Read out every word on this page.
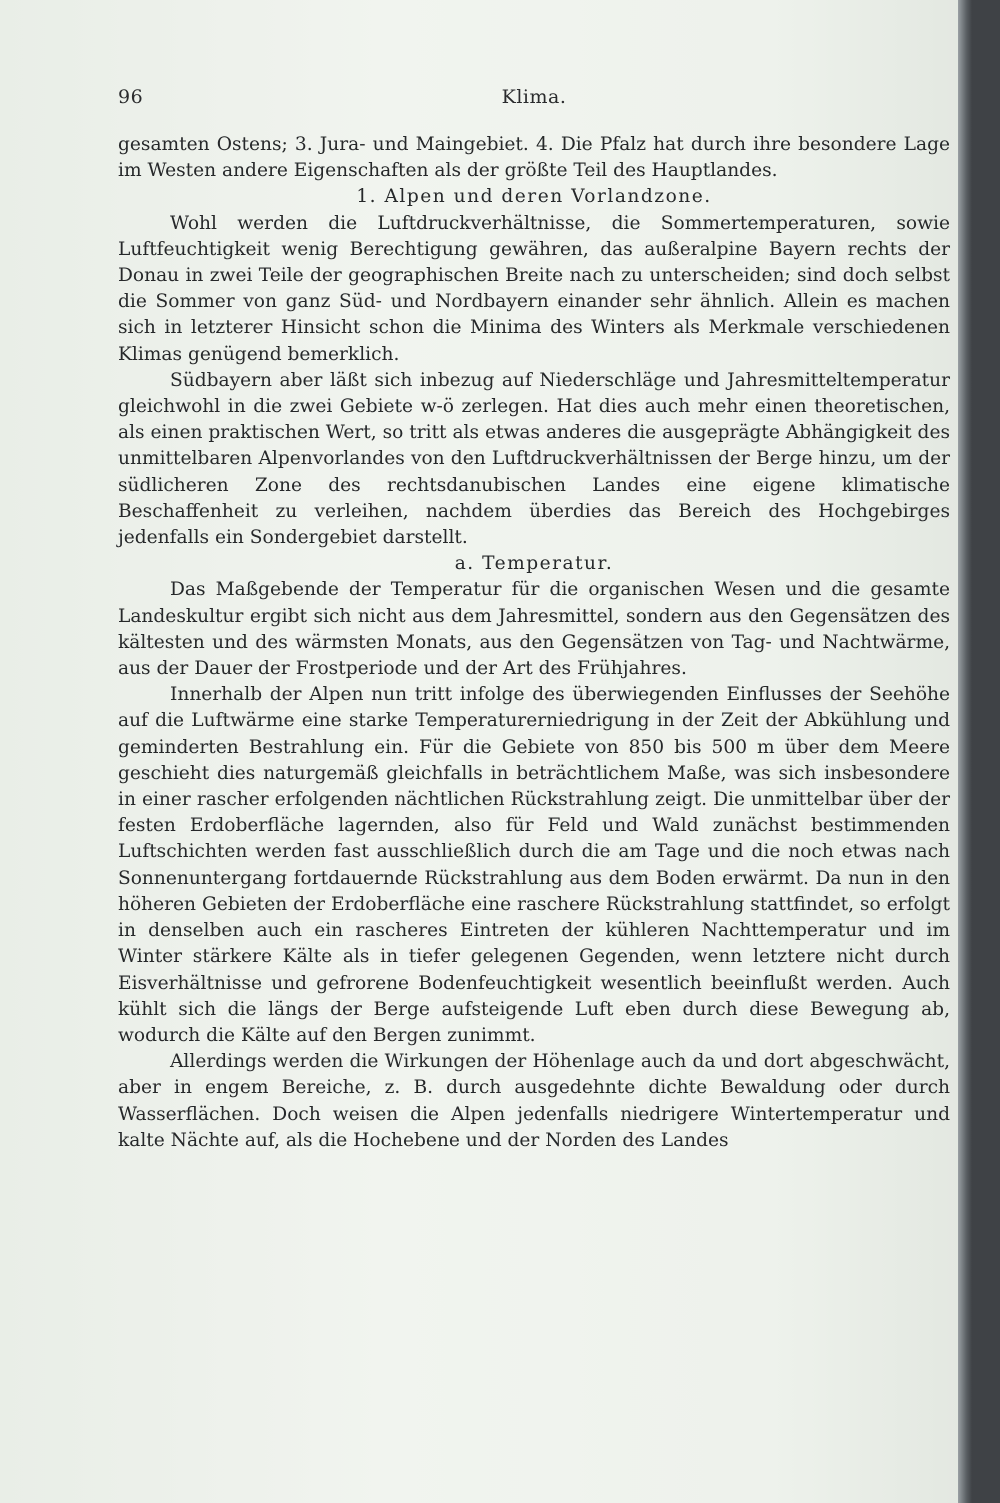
96	Klima.

gesamten Ostens; 3. Jura- und Maingebiet. 4. Die Pfalz hat durch ihre besondere Lage im Westen andere Eigenschaften als der größte Teil des Hauptlandes.

1. Alpen und deren Vorlandzone.

Wohl werden die Luftdruckverhältnisse, die Sommertemperaturen, sowie Luftfeuchtigkeit wenig Berechtigung gewähren, das außeralpine Bayern rechts der Donau in zwei Teile der geographischen Breite nach zu unterscheiden; sind doch selbst die Sommer von ganz Süd- und Nordbayern einander sehr ähnlich. Allein es machen sich in letzterer Hinsicht schon die Minima des Winters als Merkmale verschiedenen Klimas genügend bemerklich.

Südbayern aber läßt sich inbezug auf Niederschläge und Jahresmitteltemperatur gleichwohl in die zwei Gebiete w-ö zerlegen. Hat dies auch mehr einen theoretischen, als einen praktischen Wert, so tritt als etwas anderes die ausgeprägte Abhängigkeit des unmittelbaren Alpenvorlandes von den Luftdruckverhältnissen der Berge hinzu, um der südlicheren Zone des rechtsdanubischen Landes eine eigene klimatische Beschaffenheit zu verleihen, nachdem überdies das Bereich des Hochgebirges jedenfalls ein Sondergebiet darstellt.

a. Temperatur.

Das Maßgebende der Temperatur für die organischen Wesen und die gesamte Landeskultur ergibt sich nicht aus dem Jahresmittel, sondern aus den Gegensätzen des kältesten und des wärmsten Monats, aus den Gegensätzen von Tag- und Nachtwärme, aus der Dauer der Frostperiode und der Art des Frühjahres.

Innerhalb der Alpen nun tritt infolge des überwiegenden Einflusses der Seehöhe auf die Luftwärme eine starke Temperaturerniedrigung in der Zeit der Abkühlung und geminderten Bestrahlung ein. Für die Gebiete von 850 bis 500 m über dem Meere geschieht dies naturgemäß gleichfalls in beträchtlichem Maße, was sich insbesondere in einer rascher erfolgenden nächtlichen Rückstrahlung zeigt. Die unmittelbar über der festen Erdoberfläche lagernden, also für Feld und Wald zunächst bestimmenden Luftschichten werden fast ausschließlich durch die am Tage und die noch etwas nach Sonnenuntergang fortdauernde Rückstrahlung aus dem Boden erwärmt. Da nun in den höheren Gebieten der Erdoberfläche eine raschere Rückstrahlung stattfindet, so erfolgt in denselben auch ein rascheres Eintreten der kühleren Nachttemperatur und im Winter stärkere Kälte als in tiefer gelegenen Gegenden, wenn letztere nicht durch Eisverhältnisse und gefrorene Bodenfeuchtigkeit wesentlich beeinflußt werden. Auch kühlt sich die längs der Berge aufsteigende Luft eben durch diese Bewegung ab, wodurch die Kälte auf den Bergen zunimmt.

Allerdings werden die Wirkungen der Höhenlage auch da und dort abgeschwächt, aber in engem Bereiche, z. B. durch ausgedehnte dichte Bewaldung oder durch Wasserflächen. Doch weisen die Alpen jedenfalls niedrigere Wintertemperatur und kalte Nächte auf, als die Hochebene und der Norden des Landes
